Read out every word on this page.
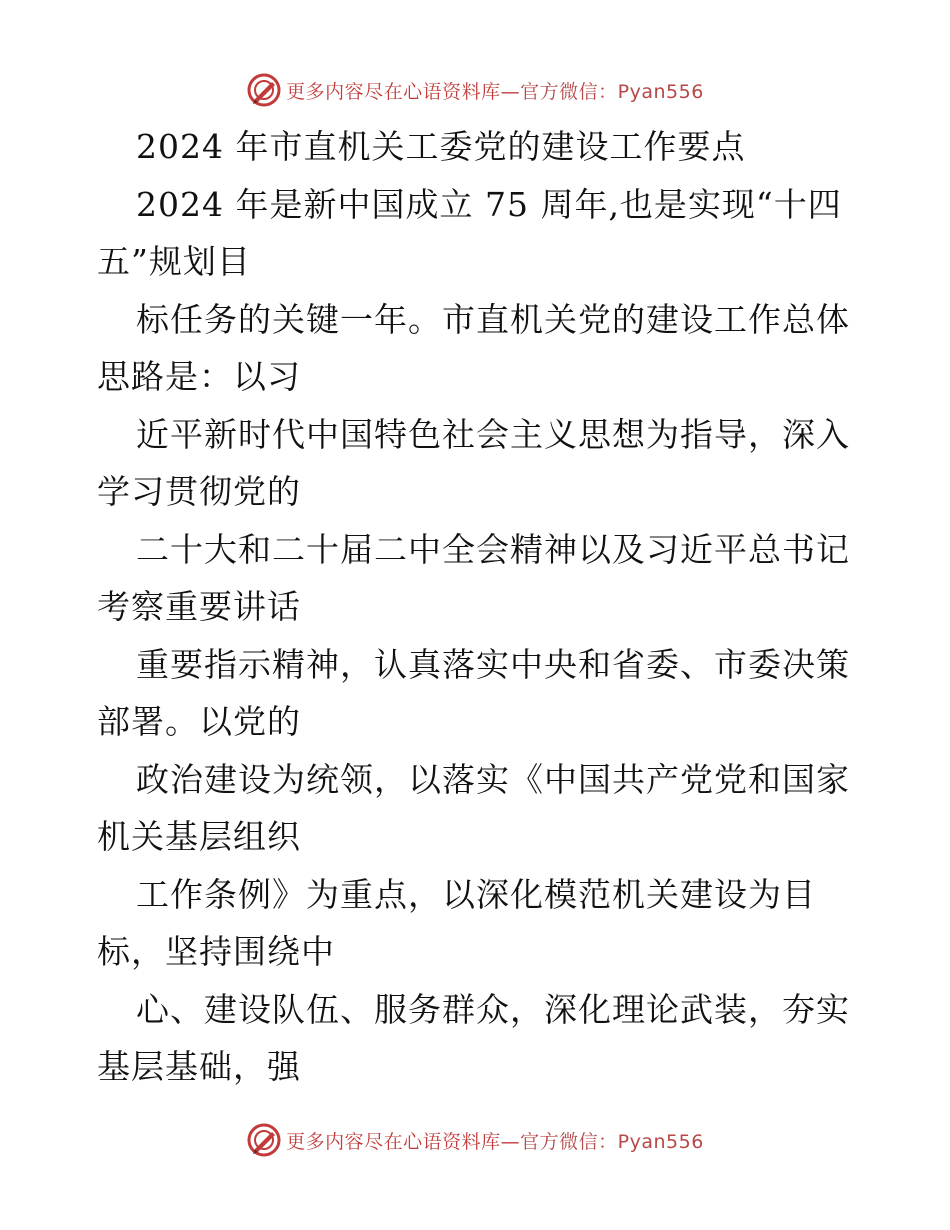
更多内容尽在心语资料库—官方微信：Pyan556
2024 年市直机关工委党的建设工作要点
2024 年是新中国成立 75 周年,也是实现“十四
五”规划目
标任务的关键一年。市直机关党的建设工作总体
思路是：以习
近平新时代中国特色社会主义思想为指导，深入
学习贯彻党的
二十大和二十届二中全会精神以及习近平总书记
考察重要讲话
重要指示精神，认真落实中央和省委、市委决策
部署。以党的
政治建设为统领，以落实《中国共产党党和国家
机关基层组织
工作条例》为重点，以深化模范机关建设为目
标，坚持围绕中
心、建设队伍、服务群众，深化理论武装，夯实
基层基础，强
更多内容尽在心语资料库—官方微信：Pyan556
